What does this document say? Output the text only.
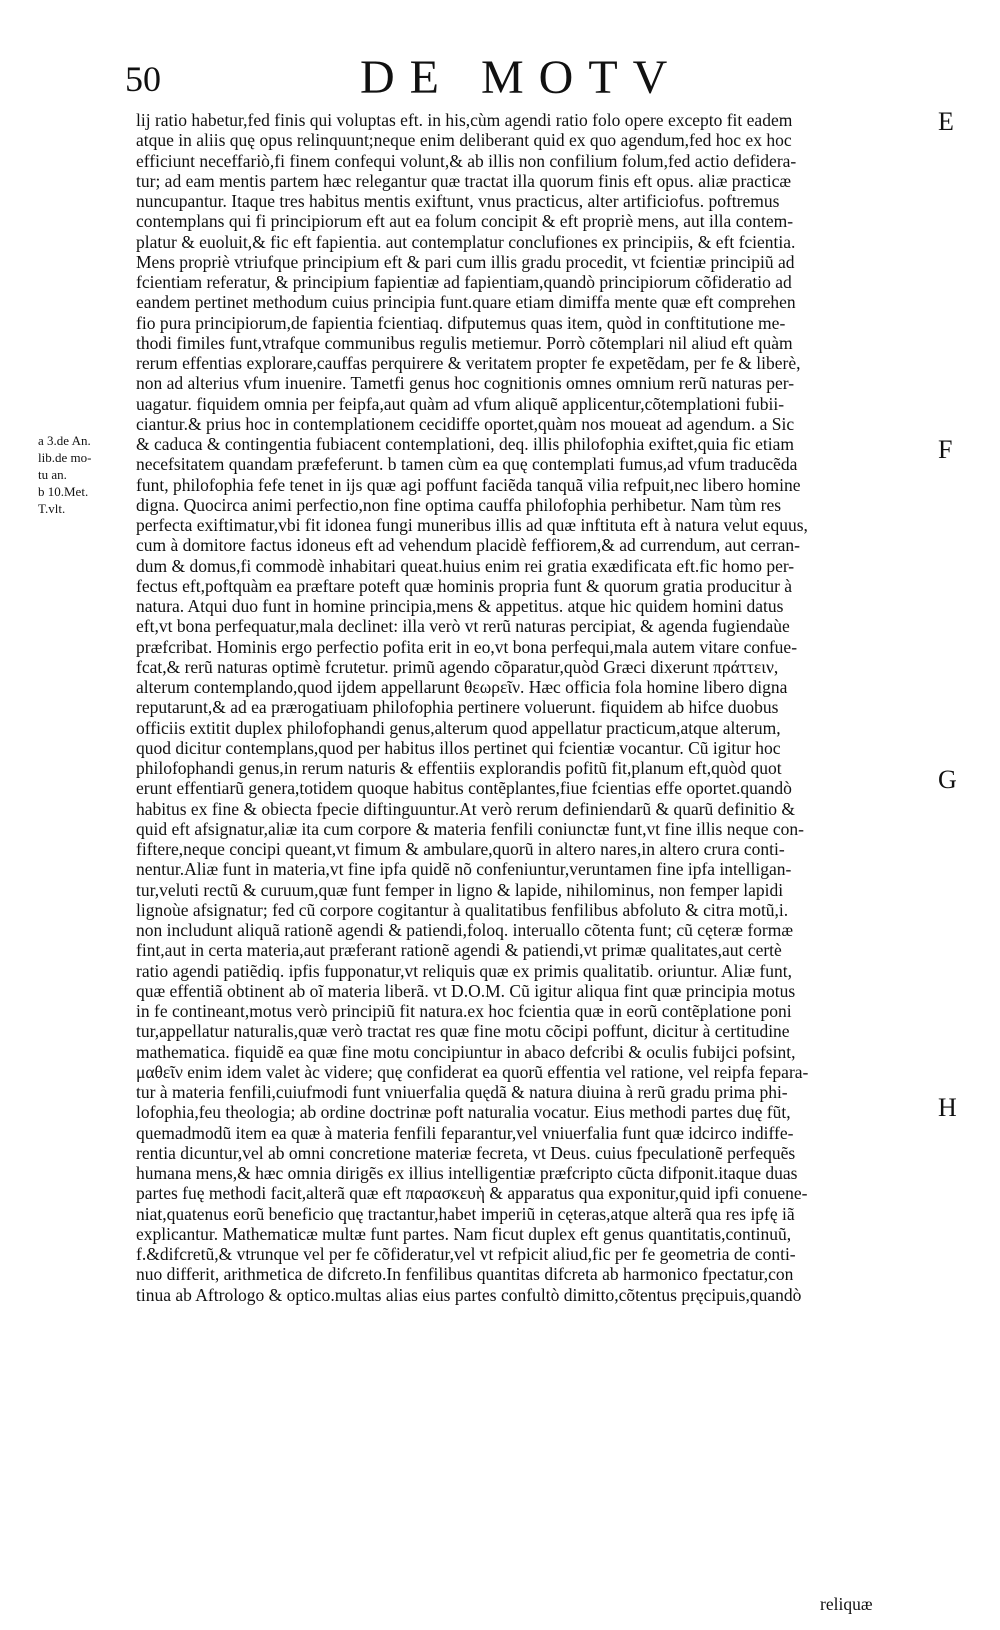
50	DE MOTV
lij ratio habetur,fed finis qui voluptas eft. in his,cùm agendi ratio folo opere excepto fit eadem
atque in aliis quę opus relinquunt;neque enim deliberant quid ex quo agendum,fed hoc ex hoc
efficiunt neceffariò,fi finem confequi volunt,& ab illis non confilium folum,fed actio defidera-
tur; ad eam mentis partem hæc relegantur quæ tractat illa quorum finis eft opus. aliæ practicæ
nuncupantur. Itaque tres habitus mentis exiftunt, vnus practicus, alter artificiofus. poftremus
contemplans qui fi principiorum eft aut ea folum concipit & eft propriè mens, aut illa contem-
platur & euoluit,& fic eft fapientia. aut contemplatur conclufiones ex principiis, & eft fcientia.
Mens propriè vtriufque principium eft & pari cum illis gradu procedit, vt fcientiæ principiũ ad
fcientiam referatur, & principium fapientiæ ad fapientiam,quandò principiorum cõfideratio ad
eandem pertinet methodum cuius principia funt.quare etiam dimiffa mente quæ eft comprehen
fio pura principiorum,de fapientia fcientiaq. difputemus quas item, quòd in conftitutione me-
thodi fimiles funt,vtrafque communibus regulis metiemur. Porrò cõtemplari nil aliud eft quàm
rerum effentias explorare,cauffas perquirere & veritatem propter fe expetẽdam, per fe & liberè,
non ad alterius vfum inuenire. Tametfi genus hoc cognitionis omnes omnium rerũ naturas per-
uagatur. fiquidem omnia per feipfa,aut quàm ad vfum aliquẽ applicentur,cõtemplationi fubii-
ciantur.& prius hoc in contemplationem cecidiffe oportet,quàm nos moueat ad agendum. a Sic
& caduca & contingentia fubiacent contemplationi, deq. illis philofophia exiftet,quia fic etiam
necefsitatem quandam præfeferunt. b tamen cùm ea quę contemplati fumus,ad vfum traducẽda
funt, philofophia fefe tenet in ijs quæ agi poffunt faciẽda tanquã vilia refpuit,nec libero homine
digna. Quocirca animi perfectio,non fine optima cauffa philofophia perhibetur. Nam tùm res
perfecta exiftimatur,vbi fit idonea fungi muneribus illis ad quæ inftituta eft à natura velut equus,
cum à domitore factus idoneus eft ad vehendum placidè feffiorem,& ad currendum, aut cerran-
dum & domus,fi commodè inhabitari queat.huius enim rei gratia exædificata eft.fic homo per-
fectus eft,poftquàm ea præftare poteft quæ hominis propria funt & quorum gratia producitur à
natura. Atqui duo funt in homine principia,mens & appetitus. atque hic quidem homini datus
eft,vt bona perfequatur,mala declinet: illa verò vt rerũ naturas percipiat, & agenda fugiendaùe
præfcribat. Hominis ergo perfectio pofita erit in eo,vt bona perfequi,mala autem vitare confue-
fcat,& rerũ naturas optimè fcrutetur. primũ agendo cõparatur,quòd Græci dixerunt πράττειν,
alterum contemplando,quod ijdem appellarunt θεωρεῖν. Hæc officia fola homine libero digna
reputarunt,& ad ea prærogatiuam philofophia pertinere voluerunt. fiquidem ab hifce duobus
officiis extitit duplex philofophandi genus,alterum quod appellatur practicum,atque alterum,
quod dicitur contemplans,quod per habitus illos pertinet qui fcientiæ vocantur. Cũ igitur hoc
philofophandi genus,in rerum naturis & effentiis explorandis pofitũ fit,planum eft,quòd quot
erunt effentiarũ genera,totidem quoque habitus contẽplantes,fiue fcientias effe oportet.quandò
habitus ex fine & obiecta fpecie diftinguuntur.At verò rerum definiendarũ & quarũ definitio &
quid eft afsignatur,aliæ ita cum corpore & materia fenfili coniunctæ funt,vt fine illis neque con-
fiftere,neque concipi queant,vt fimum & ambulare,quorũ in altero nares,in altero crura conti-
nentur.Aliæ funt in materia,vt fine ipfa quidẽ nõ confeniuntur,veruntamen fine ipfa intelligan-
tur,veluti rectũ & curuum,quæ funt femper in ligno & lapide, nihilominus, non femper lapidi
lignoùe afsignatur; fed cũ corpore cogitantur à qualitatibus fenfilibus abfoluto & citra motũ,i.
non includunt aliquã rationẽ agendi & patiendi,foloq. interuallo cõtenta funt; cũ cęteræ formæ
fint,aut in certa materia,aut præferant rationẽ agendi & patiendi,vt primæ qualitates,aut certè
ratio agendi patiẽdiq. ipfis fupponatur,vt reliquis quæ ex primis qualitatib. oriuntur. Aliæ funt,
quæ effentiã obtinent ab oĩ materia liberã. vt D.O.M. Cũ igitur aliqua fint quæ principia motus
in fe contineant,motus verò principiũ fit natura.ex hoc fcientia quæ in eorũ contẽplatione poni
tur,appellatur naturalis,quæ verò tractat res quæ fine motu cõcipi poffunt, dicitur à certitudine
mathematica. fiquidẽ ea quæ fine motu concipiuntur in abaco defcribi & oculis fubijci pofsint,
μαθεῖν enim idem valet àc videre; quę confiderat ea quorũ effentia vel ratione, vel reipfa fepara-
tur à materia fenfili,cuiufmodi funt vniuerfalia quędã & natura diuina à rerũ gradu prima phi-
lofophia,feu theologia; ab ordine doctrinæ poft naturalia vocatur. Eius methodi partes duę fũt,
quemadmodũ item ea quæ à materia fenfili feparantur,vel vniuerfalia funt quæ idcirco indiffe-
rentia dicuntur,vel ab omni concretione materiæ fecreta, vt Deus. cuius fpeculationẽ perfequẽs
humana mens,& hæc omnia dirigẽs ex illius intelligentiæ præfcripto cũcta difponit.itaque duas
partes fuę methodi facit,alterã quæ eft παρασκευὴ & apparatus qua exponitur,quid ipfi conuene-
niat,quatenus eorũ beneficio quę tractantur,habet imperiũ in cęteras,atque alterã qua res ipfę iã
explicantur. Mathematicæ multæ funt partes. Nam ficut duplex eft genus quantitatis,continuũ,
f.&difcretũ,& vtrunque vel per fe cõfideratur,vel vt refpicit aliud,fic per fe geometria de conti-
nuo differit, arithmetica de difcreto.In fenfilibus quantitas difcreta ab harmonico fpectatur,con
tinua ab Aftrologo & optico.multas alias eius partes confultò dimitto,cõtentus pręcipuis,quandò
a 3.de An.
lib.de mo-
tu an.
b 10.Met.
T.vlt.
E
F
G
H
reliquæ
